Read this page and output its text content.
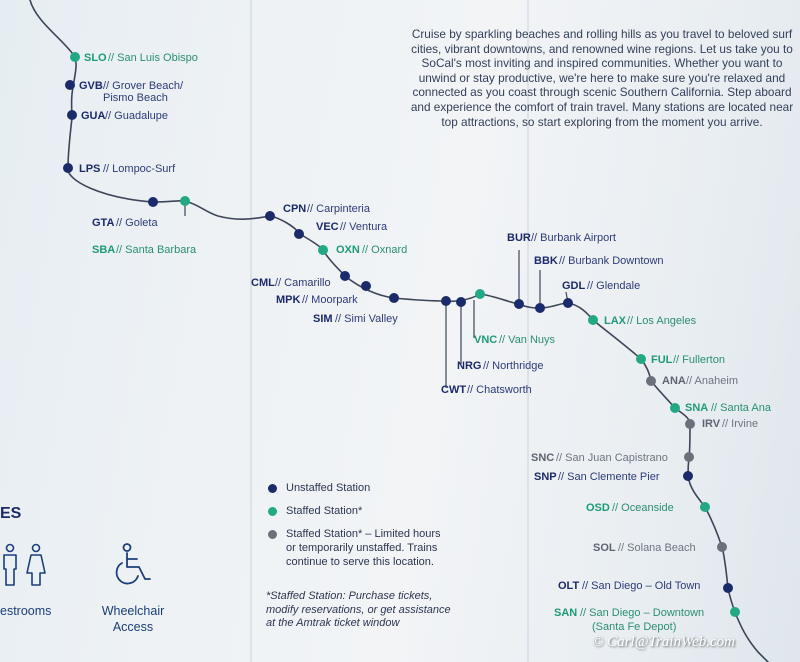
SLO // San Luis Obispo
GVB // Grover Beach/
Pismo Beach
GUA // Guadalupe
LPS // Lompoc-Surf
GTA // Goleta
SBA // Santa Barbara
CPN // Carpinteria
VEC // Ventura
OXN // Oxnard
CML // Camarillo
MPK // Moorpark
SIM // Simi Valley
CWT // Chatsworth
NRG // Northridge
VNC // Van Nuys
BUR // Burbank Airport
BBK // Burbank Downtown
GDL // Glendale
LAX // Los Angeles
FUL // Fullerton
ANA // Anaheim
SNA // Santa Ana
IRV // Irvine
SNC // San Juan Capistrano
SNP // San Clemente Pier
OSD // Oceanside
SOL // Solana Beach
OLT // San Diego – Old Town
SAN // San Diego – Downtown
(Santa Fe Depot)
Cruise by sparkling beaches and rolling hills as you travel to beloved surf cities, vibrant downtowns, and renowned wine regions. Let us take you to SoCal's most inviting and inspired communities. Whether you want to unwind or stay productive, we're here to make sure you're relaxed and connected as you coast through scenic Southern California. Step aboard and experience the comfort of train travel. Many stations are located near top attractions, so start exploring from the moment you arrive.
Unstaffed Station
Staffed Station*
Staffed Station* – Limited hours
or temporarily unstaffed. Trains
continue to serve this location.
*Staffed Station: Purchase tickets,
modify reservations, or get assistance
at the Amtrak ticket window
ES
estrooms	Wheelchair
Access
© Carl@TrainWeb.com
